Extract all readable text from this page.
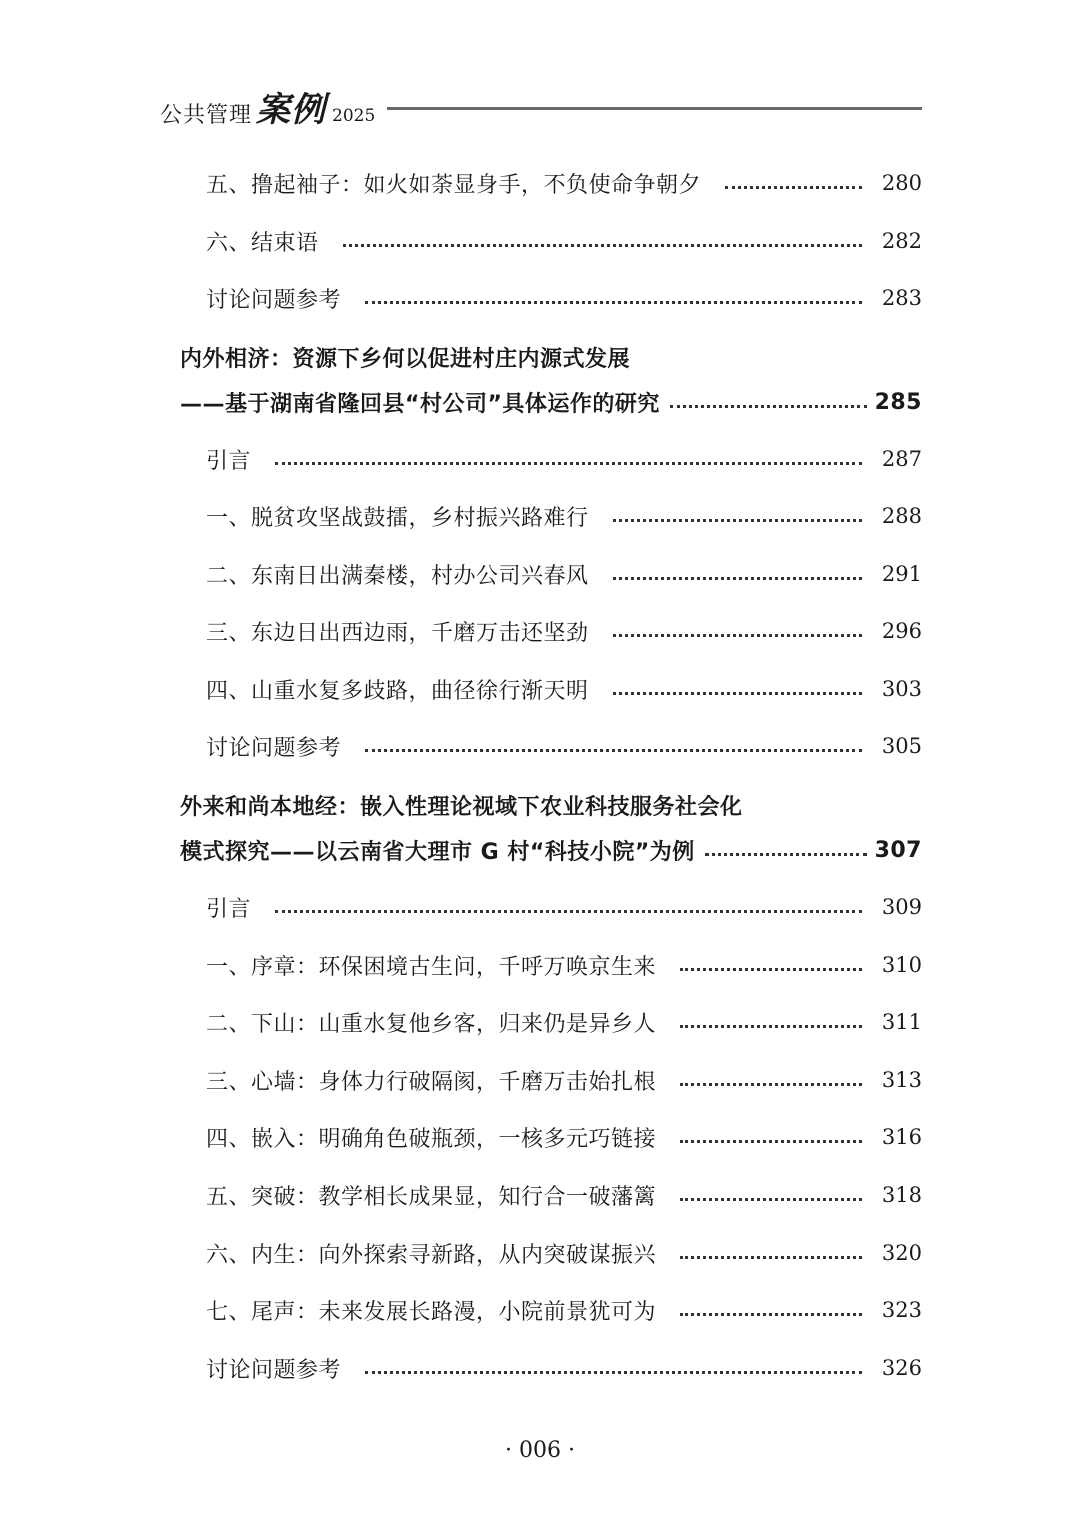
公共管理 案例 2025
五、撸起袖子：如火如荼显身手，不负使命争朝夕	280
六、结束语	282
讨论问题参考	283
内外相济：资源下乡何以促进村庄内源式发展
——基于湖南省隆回县“村公司”具体运作的研究	285
引言	287
一、脱贫攻坚战鼓擂，乡村振兴路难行	288
二、东南日出满秦楼，村办公司兴春风	291
三、东边日出西边雨，千磨万击还坚劲	296
四、山重水复多歧路，曲径徐行渐天明	303
讨论问题参考	305
外来和尚本地经：嵌入性理论视域下农业科技服务社会化
模式探究——以云南省大理市 G 村“科技小院”为例	307
引言	309
一、序章：环保困境古生问，千呼万唤京生来	310
二、下山：山重水复他乡客，归来仍是异乡人	311
三、心墙：身体力行破隔阂，千磨万击始扎根	313
四、嵌入：明确角色破瓶颈，一核多元巧链接	316
五、突破：教学相长成果显，知行合一破藩篱	318
六、内生：向外探索寻新路，从内突破谋振兴	320
七、尾声：未来发展长路漫，小院前景犹可为	323
讨论问题参考	326
· 006 ·
